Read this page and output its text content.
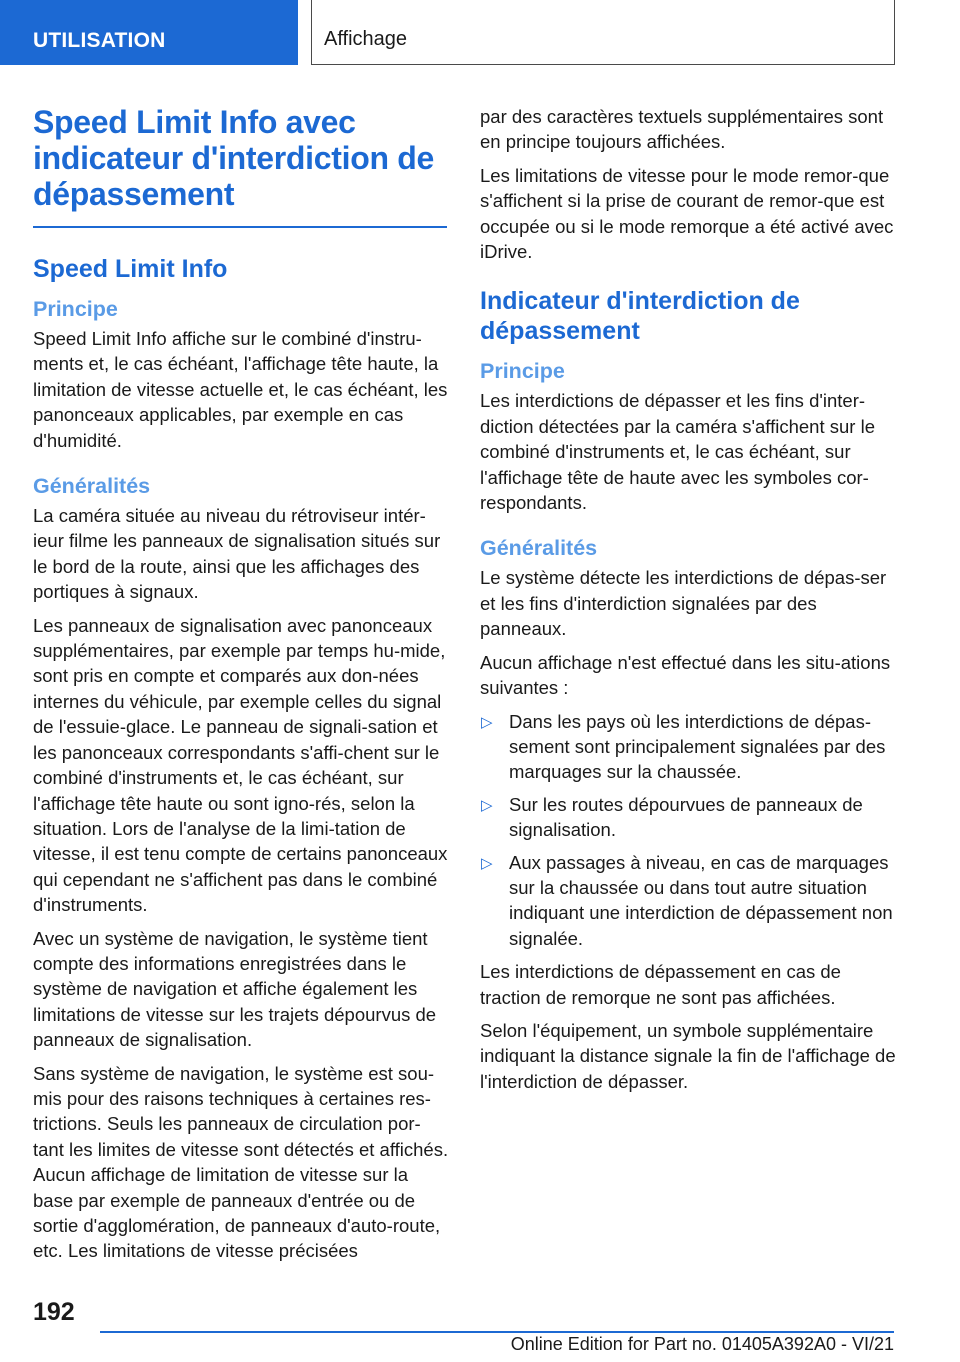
UTILISATION	Affichage
Speed Limit Info avec indicateur d'interdiction de dépassement
Speed Limit Info
Principe

Speed Limit Info affiche sur le combiné d'instru-ments et, le cas échéant, l'affichage tête haute, la limitation de vitesse actuelle et, le cas échéant, les panonceaux applicables, par exemple en cas d'humidité.

Généralités

La caméra située au niveau du rétroviseur intér-ieur filme les panneaux de signalisation situés sur le bord de la route, ainsi que les affichages des portiques à signaux.

Les panneaux de signalisation avec panonceaux supplémentaires, par exemple par temps hu-mide, sont pris en compte et comparés aux don-nées internes du véhicule, par exemple celles du signal de l'essuie-glace. Le panneau de signali-sation et les panonceaux correspondants s'affi-chent sur le combiné d'instruments et, le cas échéant, sur l'affichage tête haute ou sont igno-rés, selon la situation. Lors de l'analyse de la limi-tation de vitesse, il est tenu compte de certains panonceaux qui cependant ne s'affichent pas dans le combiné d'instruments.

Avec un système de navigation, le système tient compte des informations enregistrées dans le système de navigation et affiche également les limitations de vitesse sur les trajets dépourvus de panneaux de signalisation.

Sans système de navigation, le système est sou-mis pour des raisons techniques à certaines res-trictions. Seuls les panneaux de circulation por-tant les limites de vitesse sont détectés et affichés. Aucun affichage de limitation de vitesse sur la base par exemple de panneaux d'entrée ou de sortie d'agglomération, de panneaux d'auto-route, etc. Les limitations de vitesse précisées

par des caractères textuels supplémentaires sont en principe toujours affichées.

Les limitations de vitesse pour le mode remor-que s'affichent si la prise de courant de remor-que est occupée ou si le mode remorque a été activé avec iDrive.

Indicateur d'interdiction de dépassement
Principe

Les interdictions de dépasser et les fins d'inter-diction détectées par la caméra s'affichent sur le combiné d'instruments et, le cas échéant, sur l'affichage tête de haute avec les symboles cor-respondants.

Généralités

Le système détecte les interdictions de dépas-ser et les fins d'interdiction signalées par des panneaux.

Aucun affichage n'est effectué dans les situ-ations suivantes :

▷ Dans les pays où les interdictions de dépas-sement sont principalement signalées par des marquages sur la chaussée.
▷ Sur les routes dépourvues de panneaux de signalisation.
▷ Aux passages à niveau, en cas de marquages sur la chaussée ou dans tout autre situation indiquant une interdiction de dépassement non signalée.

Les interdictions de dépassement en cas de traction de remorque ne sont pas affichées.

Selon l'équipement, un symbole supplémentaire indiquant la distance signale la fin de l'affichage de l'interdiction de dépasser.

192
Online Edition for Part no. 01405A392A0 - VI/21
